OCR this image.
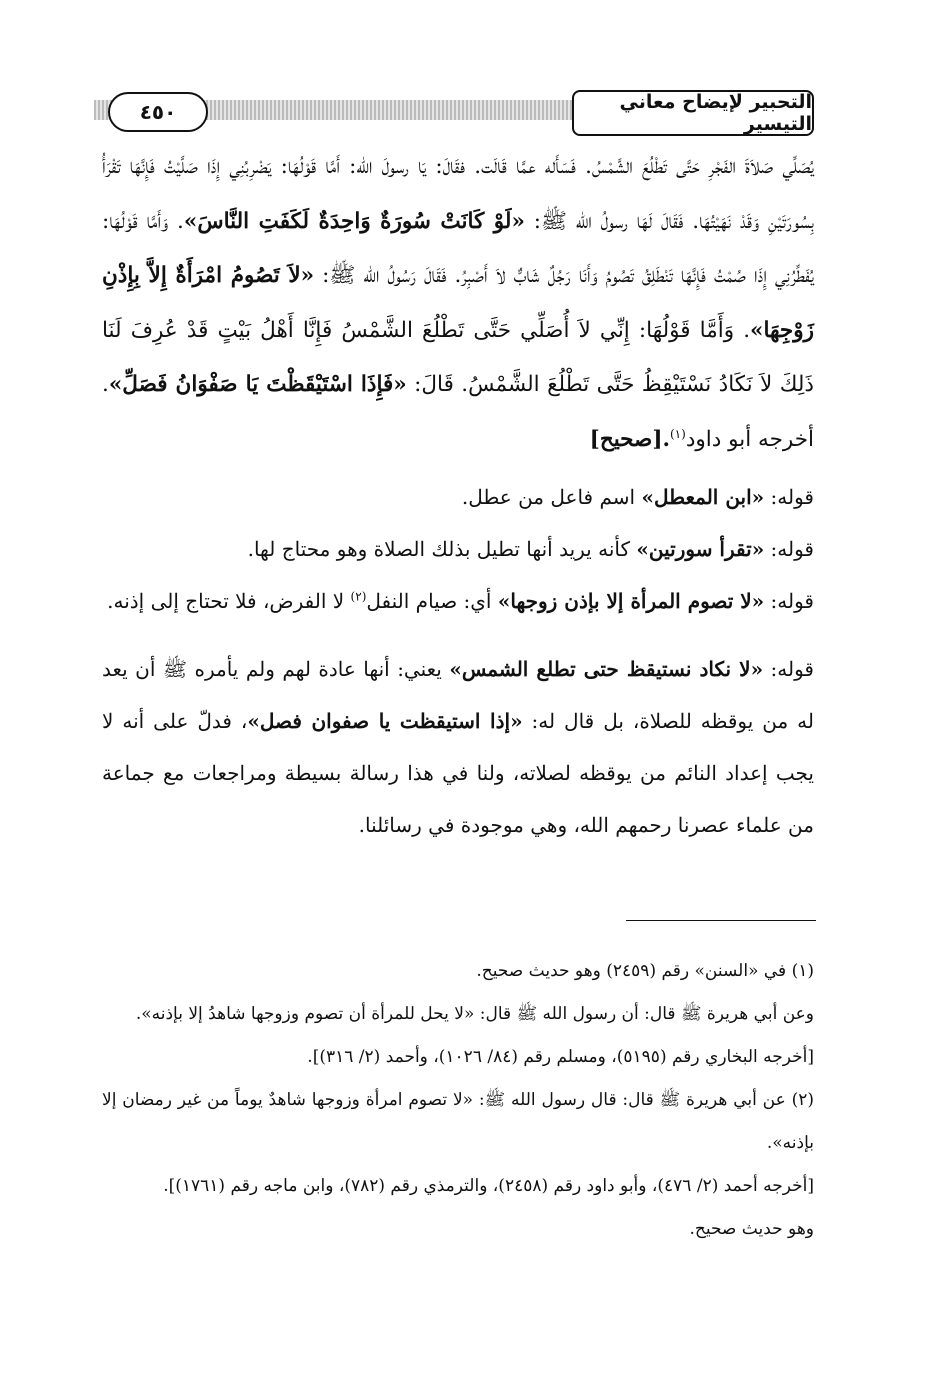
٤٥٠	التحبير لإيضاح معاني التيسير

يُصَلِّي صَلاَةَ الفَجْرِ حَتَّى تَطْلُعَ الشَّمْسُ. فَسَأَله عمَّا قَالَت. فقَالَ: يَا رسولَ الله: أَمَّا قَوْلُهَا: يَضْرِبُنِي إِذَا صَلَّيْتُ فَإِنَّهَا تَقْرَأُ بِسُورَتَيْنِ وَقَدْ نَهَيْتُهَا. فَقَالَ لَهَا رسولُ الله ﷺ: «لَوْ كَانَتْ سُورَةٌ وَاحِدَةٌ لَكَفَتِ النَّاسَ». وَأَمَّا قَوْلُهَا: يُفَطِّرُنِي إِذَا صُمْتُ فَإِنَّهَا تَنْطَلِقُ تَصُومُ وَأَنَا رَجُلٌ شَابٌّ لاَ أَصْبِرُ. فَقَالَ رَسُولُ الله ﷺ: «لاَ تَصُومُ امْرَأَةٌ إِلاَّ بِإِذْنِ زَوْجِهَا». وَأَمَّا قَوْلُهَا: إِنِّي لاَ أُصَلِّي حَتَّى تَطْلُعَ الشَّمْسُ فَإِنَّا أَهْلُ بَيْتٍ قَدْ عُرِفَ لَنَا ذَلِكَ لاَ نَكَادُ نَسْتَيْقِظُ حَتَّى تَطْلُعَ الشَّمْسُ. قَالَ: «فَإِذَا اسْتَيْقَظْتَ يَا صَفْوَانُ فَصَلِّ». أخرجه أبو داود$^{(١)}$.[صحيح]

قوله: «ابن المعطل» اسم فاعل من عطل.

قوله: «تقرأ سورتين» كأنه يريد أنها تطيل بذلك الصلاة وهو محتاج لها.

قوله: «لا تصوم المرأة إلا بإذن زوجها» أي: صيام النفل$^{(٢)}$ لا الفرض، فلا تحتاج إلى إذنه.

قوله: «لا نكاد نستيقظ حتى تطلع الشمس» يعني: أنها عادة لهم ولم يأمره ﷺ أن يعد له من يوقظه للصلاة، بل قال له: «إذا استيقظت يا صفوان فصل»، فدلّ على أنه لا يجب إعداد النائم من يوقظه لصلاته، ولنا في هذا رسالة بسيطة ومراجعات مع جماعة من علماء عصرنا رحمهم الله، وهي موجودة في رسائلنا.

(١) في «السنن» رقم (٢٤٥٩) وهو حديث صحيح.
وعن أبي هريرة ﷺ قال: أن رسول الله ﷺ قال: «لا يحل للمرأة أن تصوم وزوجها شاهدُ إلا بإذنه».
[أخرجه البخاري رقم (٥١٩٥)، ومسلم رقم (٨٤/ ١٠٢٦)، وأحمد (٢/ ٣١٦)].
(٢) عن أبي هريرة ﷺ قال: قال رسول الله ﷺ: «لا تصوم امرأة وزوجها شاهدٌ يوماً من غير رمضان إلا بإذنه».
[أخرجه أحمد (٢/ ٤٧٦)، وأبو داود رقم (٢٤٥٨)، والترمذي رقم (٧٨٢)، وابن ماجه رقم (١٧٦١)].
وهو حديث صحيح.
